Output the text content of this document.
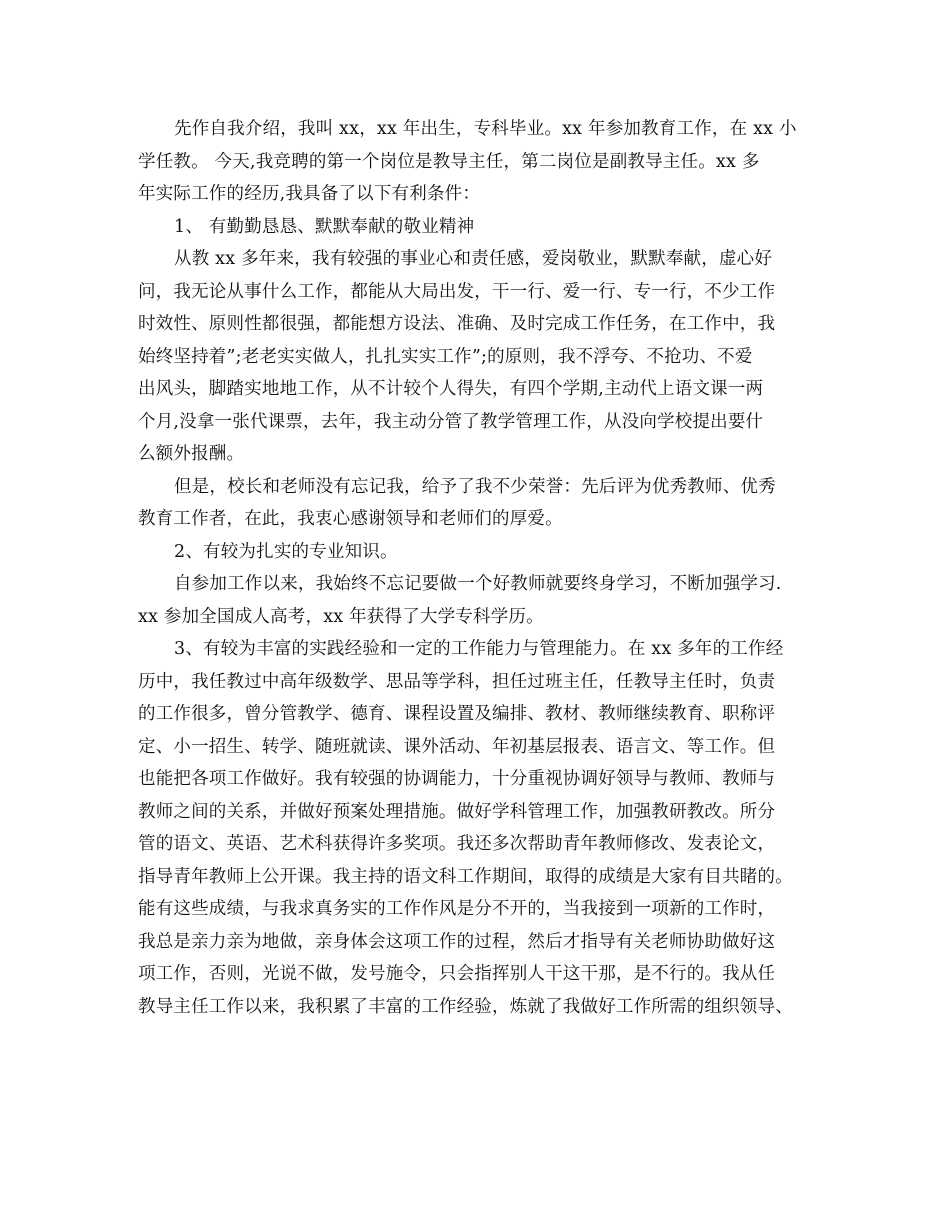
先作自我介绍，我叫 xx，xx 年出生，专科毕业。xx 年参加教育工作，在 xx 小
学任教。 今天,我竞聘的第一个岗位是教导主任，第二岗位是副教导主任。xx 多
年实际工作的经历,我具备了以下有利条件：
1、 有勤勤恳恳、默默奉献的敬业精神
从教 xx 多年来，我有较强的事业心和责任感，爱岗敬业，默默奉献，虚心好
问，我无论从事什么工作，都能从大局出发，干一行、爱一行、专一行，不少工作
时效性、原则性都很强，都能想方设法、准确、及时完成工作任务，在工作中，我
始终坚持着”;老老实实做人，扎扎实实工作”;的原则，我不浮夸、不抢功、不爱
出风头，脚踏实地地工作，从不计较个人得失，有四个学期,主动代上语文课一两
个月,没拿一张代课票，去年，我主动分管了教学管理工作，从没向学校提出要什
么额外报酬。
但是，校长和老师没有忘记我，给予了我不少荣誉：先后评为优秀教师、优秀
教育工作者，在此，我衷心感谢领导和老师们的厚爱。
2、有较为扎实的专业知识。
自参加工作以来，我始终不忘记要做一个好教师就要终身学习，不断加强学习.
xx 参加全国成人高考，xx 年获得了大学专科学历。
3、有较为丰富的实践经验和一定的工作能力与管理能力。在 xx 多年的工作经
历中，我任教过中高年级数学、思品等学科，担任过班主任，任教导主任时，负责
的工作很多，曾分管教学、德育、课程设置及编排、教材、教师继续教育、职称评
定、小一招生、转学、随班就读、课外活动、年初基层报表、语言文、等工作。但
也能把各项工作做好。我有较强的协调能力，十分重视协调好领导与教师、教师与
教师之间的关系，并做好预案处理措施。做好学科管理工作，加强教研教改。所分
管的语文、英语、艺术科获得许多奖项。我还多次帮助青年教师修改、发表论文，
指导青年教师上公开课。我主持的语文科工作期间，取得的成绩是大家有目共睹的。
能有这些成绩，与我求真务实的工作作风是分不开的，当我接到一项新的工作时，
我总是亲力亲为地做，亲身体会这项工作的过程，然后才指导有关老师协助做好这
项工作，否则，光说不做，发号施令，只会指挥别人干这干那，是不行的。我从任
教导主任工作以来，我积累了丰富的工作经验，炼就了我做好工作所需的组织领导、
